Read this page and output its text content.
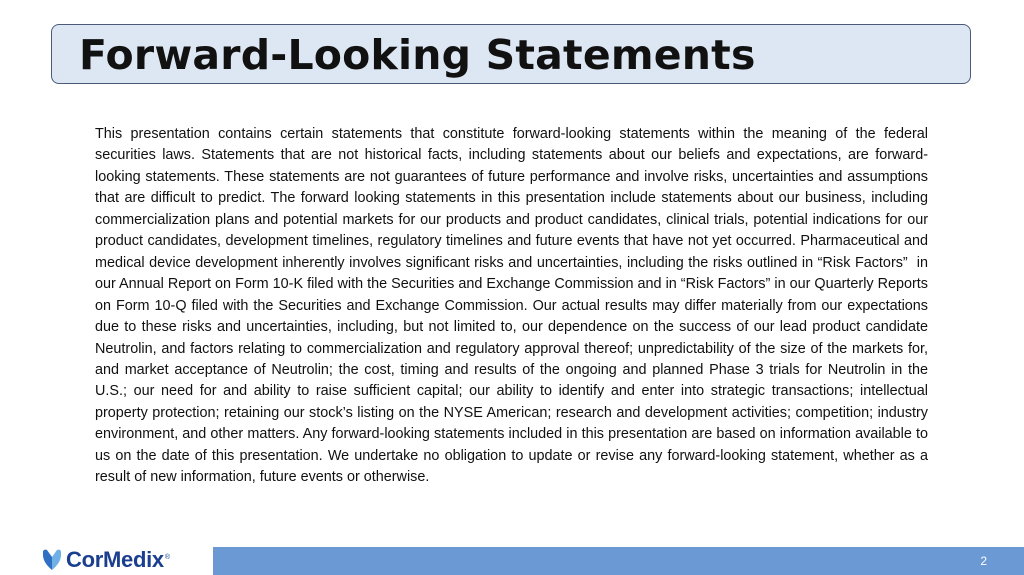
Forward-Looking Statements

This presentation contains certain statements that constitute forward-looking statements within the meaning of the federal securities laws. Statements that are not historical facts, including statements about our beliefs and expectations, are forward-looking statements. These statements are not guarantees of future performance and involve risks, uncertainties and assumptions that are difficult to predict. The forward looking statements in this presentation include statements about our business, including commercialization plans and potential markets for our products and product candidates, clinical trials, potential indications for our product candidates, development timelines, regulatory timelines and future events that have not yet occurred. Pharmaceutical and medical device development inherently involves significant risks and uncertainties, including the risks outlined in “Risk Factors”  in our Annual Report on Form 10-K filed with the Securities and Exchange Commission and in “Risk Factors” in our Quarterly Reports on Form 10-Q filed with the Securities and Exchange Commission. Our actual results may differ materially from our expectations due to these risks and uncertainties, including, but not limited to, our dependence on the success of our lead product candidate Neutrolin, and factors relating to commercialization and regulatory approval thereof; unpredictability of the size of the markets for, and market acceptance of Neutrolin; the cost, timing and results of the ongoing and planned Phase 3 trials for Neutrolin in the U.S.; our need for and ability to raise sufficient capital; our ability to identify and enter into strategic transactions; intellectual property protection; retaining our stock’s listing on the NYSE American; research and development activities; competition; industry environment, and other matters. Any forward-looking statements included in this presentation are based on information available to us on the date of this presentation. We undertake no obligation to update or revise any forward-looking statement, whether as a result of new information, future events or otherwise.

CorMedix ®	2
